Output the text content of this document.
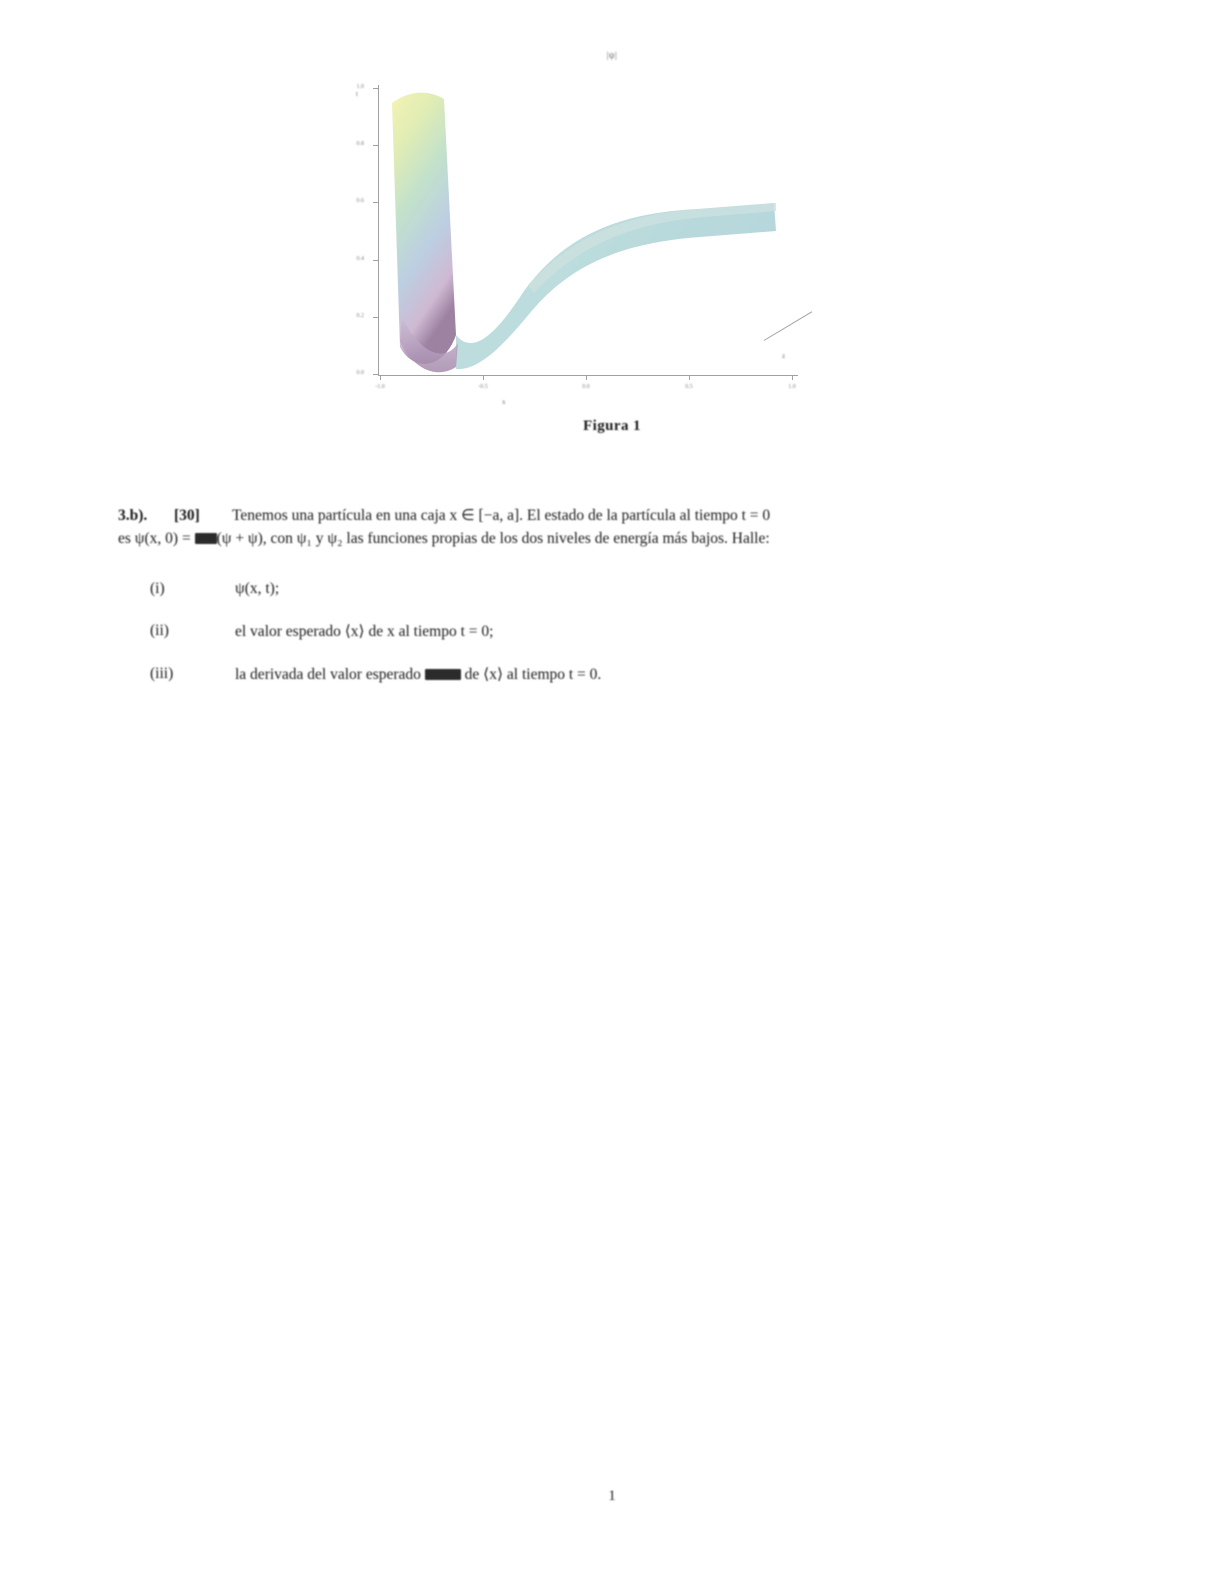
|ψ|
1.0
0.8
0.6
0.4
0.2
0.0
-1.0	-0.5	0.0	0.5	1.0
x
z
t
Figura 1
3.b).	[30]	Tenemos una partícula en una caja x ∈ [−a, a]. El estado de la partícula al tiempo t = 0
es ψ(x, 0) = (ψ + ψ), con ψ₁ y ψ₂ las funciones propias de los dos niveles de energía más bajos. Halle:
(i)	ψ(x, t);
(ii)	el valor esperado ⟨x⟩ de x al tiempo t = 0;
(iii)	la derivada del valor esperado  de ⟨x⟩ al tiempo t = 0.
1
